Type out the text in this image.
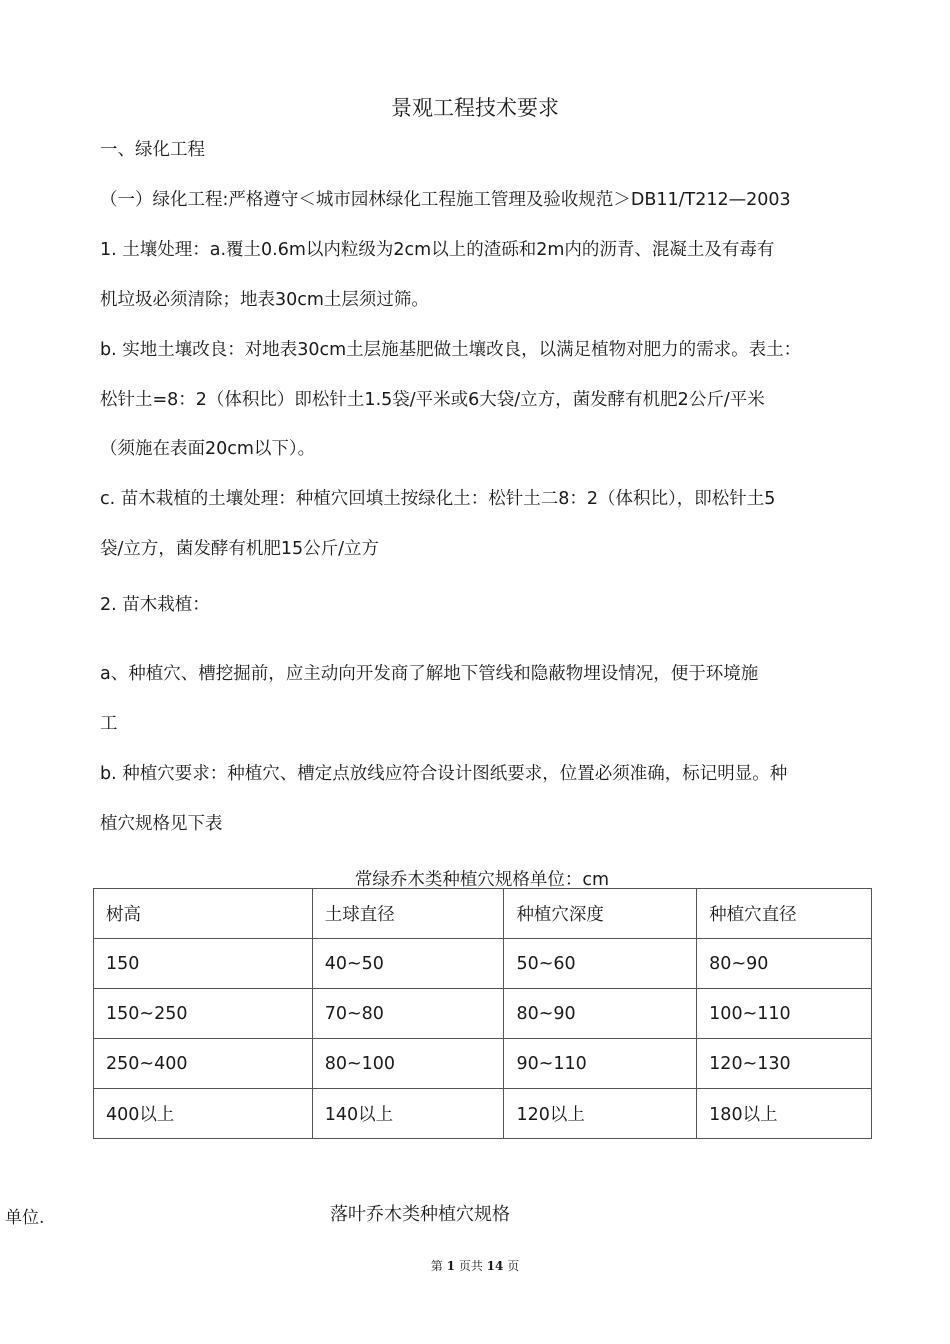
景观工程技术要求
一、绿化工程
（一）绿化工程:严格遵守＜城市园林绿化工程施工管理及验收规范＞DB11/T212—2003
1. 土壤处理：a.覆土0.6m以内粒级为2cm以上的渣砾和2m内的沥青、混凝土及有毒有
机垃圾必须清除；地表30cm土层须过筛。
b. 实地土壤改良：对地表30cm土层施基肥做土壤改良，以满足植物对肥力的需求。表土：
松针土=8：2（体积比）即松针土1.5袋/平米或6大袋/立方，菌发酵有机肥2公斤/平米
（须施在表面20cm以下）。
c. 苗木栽植的土壤处理：种植穴回填土按绿化土：松针土二8：2（体积比），即松针土5
袋/立方，菌发酵有机肥15公斤/立方
2. 苗木栽植：
a、种植穴、槽挖掘前，应主动向开发商了解地下管线和隐蔽物埋设情况，便于环境施
工
b. 种植穴要求：种植穴、槽定点放线应符合设计图纸要求，位置必须准确，标记明显。种
植穴规格见下表
常绿乔木类种植穴规格单位：cm
树高	土球直径	种植穴深度	种植穴直径
150	40~50	50~60	80~90
150~250	70~80	80~90	100~110
250~400	80~100	90~110	120~130
400以上	140以上	120以上	180以上
单位.	落叶乔木类种植穴规格
第 1 页共 14 页
